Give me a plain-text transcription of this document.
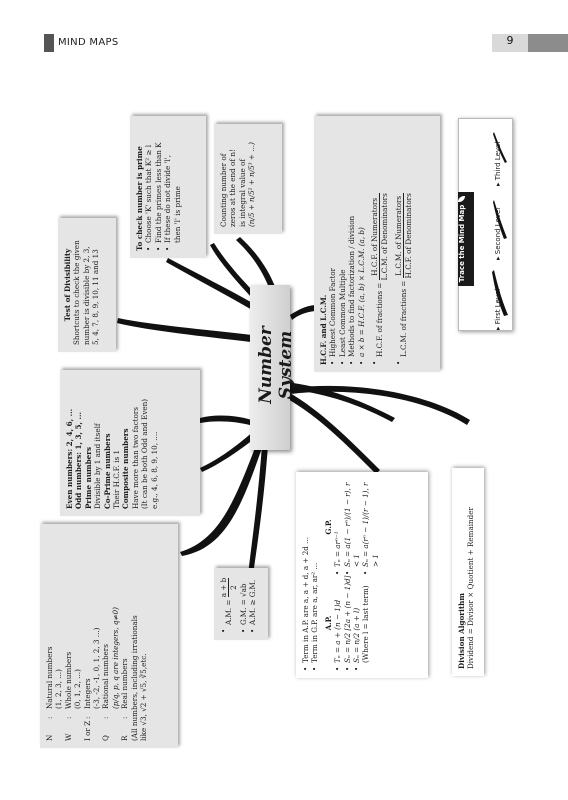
MIND MAPS	9
Number System
N
:
Natural numbers (1, 2, 3, ...)
W
:
Whole numbers (0, 1, 2, ...)
I or Z
:
Integers (-3, -2, -1, 0, 1, 2, 3 ...)
Q
:
Rational numbers (p/q, p, q are integers, q≠0)
R
:
Real numbers (All numbers, including irrationals like √3, √2 + √5, ∛5,etc.
• A.M. =
a + b 2 • G.M. = √ab • A.M. ≥ G.M.
Even numbers: 2, 4, 6, ... Odd numbers: 1, 3, 5, ... Prime numbers Divisible by 1 and itself Co-Prime numbers Their H.C.F. is 1 Composite numbers Have more than two factors (It can be both Odd and Even) e.g., 4, 6, 8, 9, 10, ....
Test of Divisibility Shortcuts to check the given number is divisible by 2, 3, 5, 4, 7, 8, 9, 10, 11 and 13
To check number is prime • Choose 'K' such that K² ≥ l • Find the primes less than K • If these do not divide 'l', then 'l' is prime	Counting number of zeros at the end of n! is integral value of (n/5 + n/5² + n/5³ + ...)
H.C.F. and L.C.M. • Highest Common Factor • Least Common Multiple • Methods to find factorization / division • a × b = H.C.F. (a, b) × L.C.M. (a, b)	• H.C.F. of fractions =
H.C.F. of Numerators L.C.M. of Denominators
• L.C.M. of fractions =
L.C.M. of Numerators H.C.F. of Denominators	Trace the Mind Map
▸ First Level
▸ Second Level
▸ Third Level
• Term in A.P. are a, a + d, a + 2d ... • Term in G.P. are a, ar, ar² ... A.P. • Tₙ = a + (n − 1)d • Sₙ = n/2 [2a + (n − 1)d] • Sₙ = n/2 (a + l) (Where l = last term)
G.P.
• Tₙ = arⁿ⁻¹ • Sₙ = a(1 − rⁿ)/(1 − r), r < 1 • Sₙ = a(rⁿ − 1)/(r − 1), r > 1
Division Algorithm Dividend = Divisor × Quotient + Remainder
